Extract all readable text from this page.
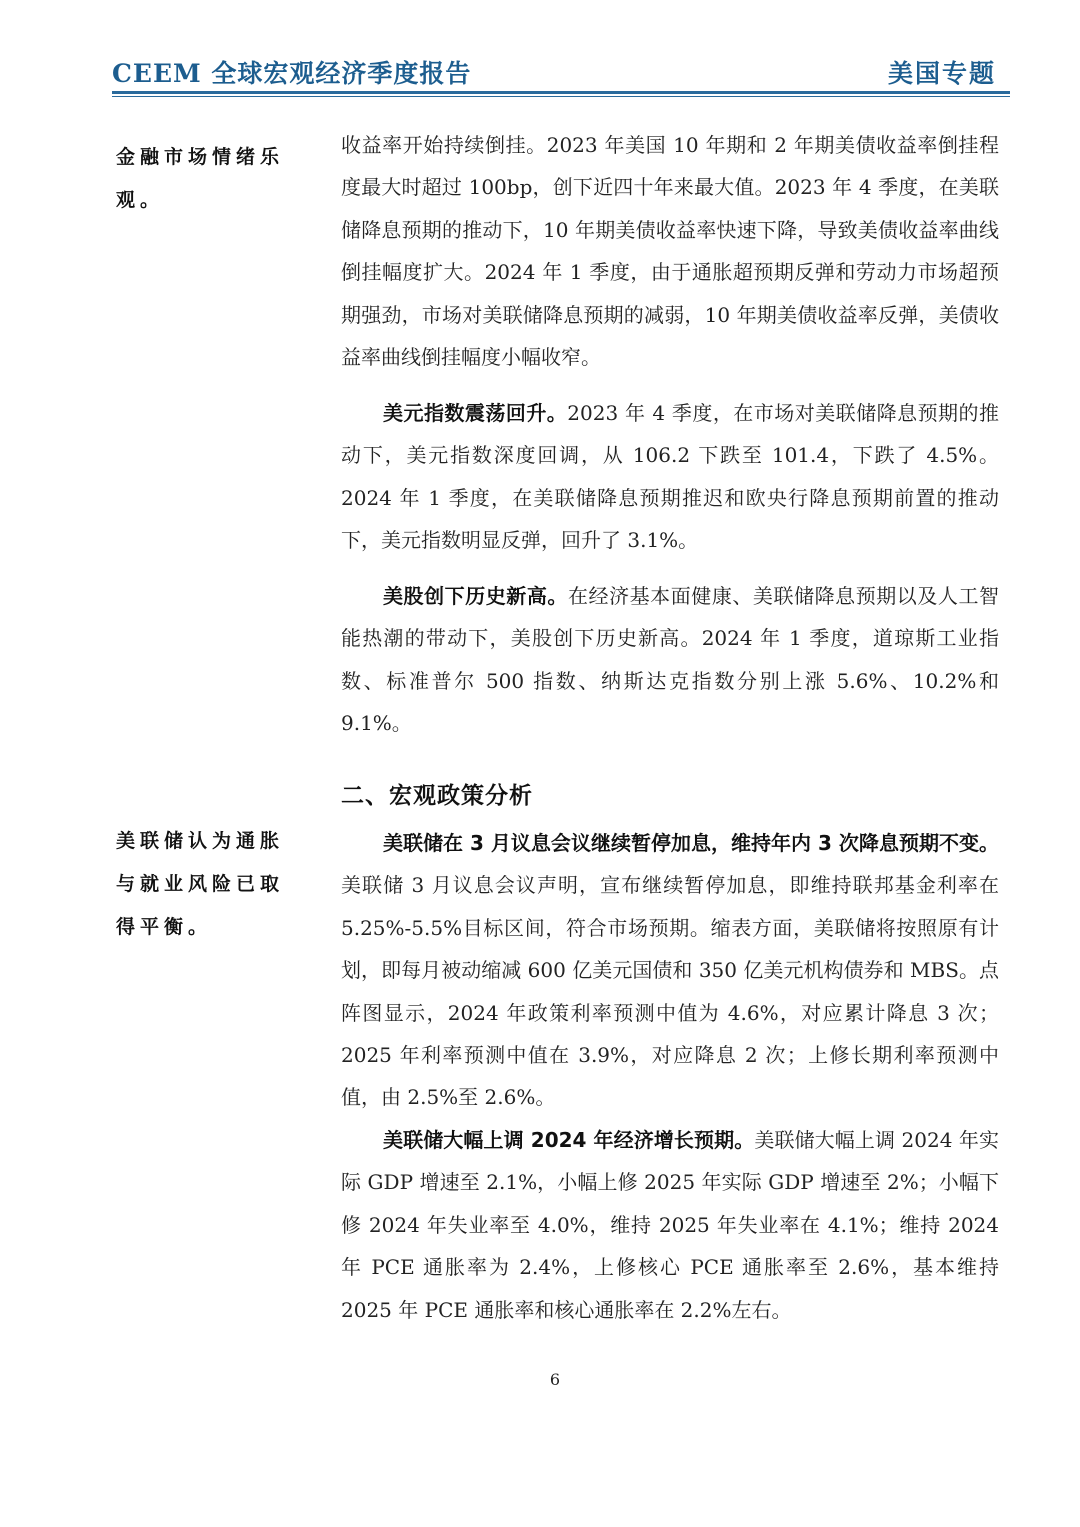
CEEM 全球宏观经济季度报告	美国专题
金融市场情绪乐观。

收益率开始持续倒挂。2023 年美国 10 年期和 2 年期美债收益率倒挂程度最大时超过 100bp，创下近四十年来最大值。2023 年 4 季度，在美联储降息预期的推动下，10 年期美债收益率快速下降，导致美债收益率曲线倒挂幅度扩大。2024 年 1 季度，由于通胀超预期反弹和劳动力市场超预期强劲，市场对美联储降息预期的减弱，10 年期美债收益率反弹，美债收益率曲线倒挂幅度小幅收窄。

美元指数震荡回升。2023 年 4 季度，在市场对美联储降息预期的推动下，美元指数深度回调，从 106.2 下跌至 101.4，下跌了 4.5%。2024 年 1 季度，在美联储降息预期推迟和欧央行降息预期前置的推动下，美元指数明显反弹，回升了 3.1%。

美股创下历史新高。在经济基本面健康、美联储降息预期以及人工智能热潮的带动下，美股创下历史新高。2024 年 1 季度，道琼斯工业指数、标准普尔 500 指数、纳斯达克指数分别上涨 5.6%、10.2%和 9.1%。

二、宏观政策分析
美联储认为通胀与就业风险已取得平衡。

美联储在 3 月议息会议继续暂停加息，维持年内 3 次降息预期不变。美联储 3 月议息会议声明，宣布继续暂停加息，即维持联邦基金利率在 5.25%-5.5%目标区间，符合市场预期。缩表方面，美联储将按照原有计划，即每月被动缩减 600 亿美元国债和 350 亿美元机构债券和 MBS。点阵图显示，2024 年政策利率预测中值为 4.6%，对应累计降息 3 次；2025 年利率预测中值在 3.9%，对应降息 2 次；上修长期利率预测中值，由 2.5%至 2.6%。

美联储大幅上调 2024 年经济增长预期。美联储大幅上调 2024 年实际 GDP 增速至 2.1%，小幅上修 2025 年实际 GDP 增速至 2%；小幅下修 2024 年失业率至 4.0%，维持 2025 年失业率在 4.1%；维持 2024 年 PCE 通胀率为 2.4%，上修核心 PCE 通胀率至 2.6%，基本维持 2025 年 PCE 通胀率和核心通胀率在 2.2%左右。

6
